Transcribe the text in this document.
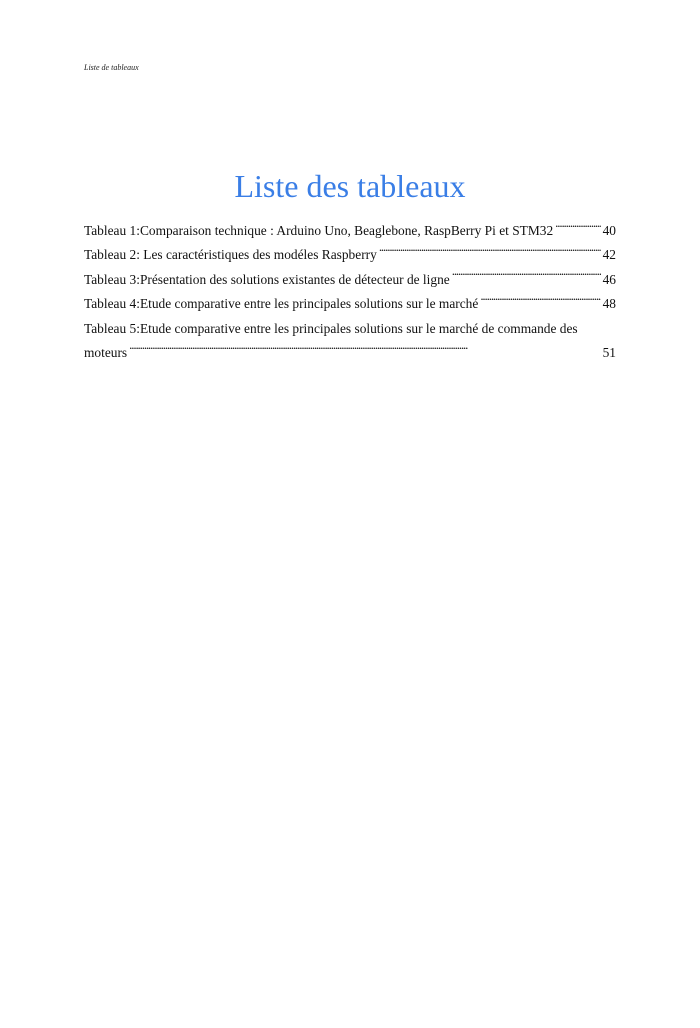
Liste de tableaux
Liste des tableaux
Tableau 1:Comparaison technique : Arduino Uno, Beaglebone, RaspBerry Pi et STM32 . . .	40
Tableau 2: Les caractéristiques des modéles Raspberry . . .	42
Tableau 3:Présentation des solutions existantes de détecteur de ligne . . .	46
Tableau 4:Etude comparative entre les principales solutions sur le marché . . .	48
Tableau 5:Etude comparative entre les principales solutions sur le marché de commande des
moteurs . . .	51
